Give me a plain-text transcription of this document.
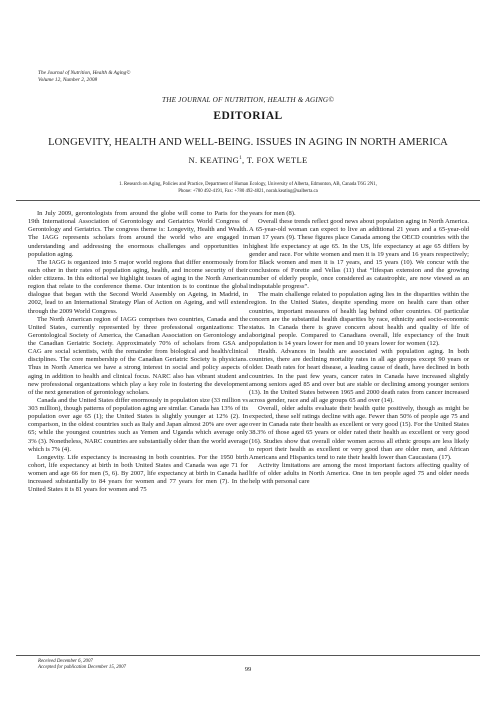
The Journal of Nutrition, Health & Aging©
Volume 12, Number 2, 2008
THE JOURNAL OF NUTRITION, HEALTH & AGING©
EDITORIAL
LONGEVITY, HEALTH AND WELL-BEING. ISSUES IN AGING IN NORTH AMERICA
N. KEATING$^1$, T. FOX WETLE
1. Research on Aging, Policies and Practice, Department of Human Ecology, University of Alberta, Edmonton, AB, Canada T6G 2N1,
Phone: +780 492-4191, Fax: +780 492-4821, norah.keating@ualberta.ca

In July 2009, gerontologists from around the globe will come to Paris for the 19th International Association of Gerontology and Geriatrics World Congress of Gerontology and Geriatrics. The congress theme is: Longevity, Health and Wealth. The IAGG represents scholars from around the world who are engaged in understanding and addressing the enormous challenges and opportunities in population aging.

The IAGG is organized into 5 major world regions that differ enormously from each other in their rates of population aging, health, and income security of their older citizens. In this editorial we highlight issues of aging in the North American region that relate to the conference theme. Our intention is to continue the global dialogue that began with the Second World Assembly on Ageing, in Madrid, in 2002, lead to an International Strategy Plan of Action on Ageing, and will extend through the 2009 World Congress.

The North American region of IAGG comprises two countries, Canada and the United States, currently represented by three professional organizations: The Gerontological Society of America, the Canadian Association on Gerontology and the Canadian Geriatric Society. Approximately 70% of scholars from GSA and CAG are social scientists, with the remainder from biological and health/clinical disciplines. The core membership of the Canadian Geriatric Society is physicians. Thus in North America we have a strong interest in social and policy aspects of aging in addition to health and clinical focus. NARC also has vibrant student and new professional organizations which play a key role in fostering the development of the next generation of gerontology scholars.

Canada and the United States differ enormously in population size (33 million vs 303 million), though patterns of population aging are similar. Canada has 13% of its population over age 65 (1); the United States is slightly younger at 12% (2). In comparison, in the oldest countries such as Italy and Japan almost 20% are over age 65; while the youngest countries such as Yemen and Uganda which average only 3% (3). Nonetheless, NARC countries are substantially older than the world average which is 7% (4).

Longevity. Life expectancy is increasing in both countries. For the 1950 birth cohort, life expectancy at birth in both United States and Canada was age 71 for women and age 66 for men (5, 6). By 2007, life expectancy at birth in Canada had increased substantially to 84 years for women and 77 years for men (7). In the United States it is 81 years for women and 75

years for men (8).

Overall these trends reflect good news about population aging in North America. A 65-year-old woman can expect to live an additional 21 years and a 65-year-old man 17 years (9). These figures place Canada among the OECD countries with the highest life expectancy at age 65. In the US, life expectancy at age 65 differs by gender and race. For white women and men it is 19 years and 16 years respectively; for Black women and men it is 17 years, and 15 years (10). We concur with the conclusions of Forette and Vellas (11) that “lifespan extension and the growing number of elderly people, once considered as catastrophic, are now viewed as an indisputable progress”.

The main challenge related to population aging lies in the disparities within the region. In the United States, despite spending more on health care than other countries, important measures of health lag behind other countries. Of particular concern are the substantial health disparities by race, ethnicity and socio-economic status. In Canada there is grave concern about health and quality of life of aboriginal people. Compared to Canadians overall, life expectancy of the Inuit population is 14 years lower for men and 10 years lower for women (12).

Health. Advances in health are associated with population aging. In both countries, there are declining mortality rates in all age groups except 90 years or older. Death rates for heart disease, a leading cause of death, have declined in both countries. In the past few years, cancer rates in Canada have increased slightly among seniors aged 85 and over but are stable or declining among younger seniors (13). In the United States between 1965 and 2000 death rates from cancer increased across gender, race and all age groups 65 and over (14).

Overall, older adults evaluate their health quite positively, though as might be expected, these self ratings decline with age. Fewer than 50% of people age 75 and over in Canada rate their health as excellent or very good (15). For the United States 38.3% of those aged 65 years or older rated their health as excellent or very good (16). Studies show that overall older women across all ethnic groups are less likely to report their health as excellent or very good than are older men, and African Americans and Hispanics tend to rate their health lower than Caucasians (17).

Activity limitations are among the most important factors affecting quality of life of older adults in North America. One in ten people aged 75 and older needs help with personal care

Received December 6, 2007
Accepted for publication December 15, 2007	99
